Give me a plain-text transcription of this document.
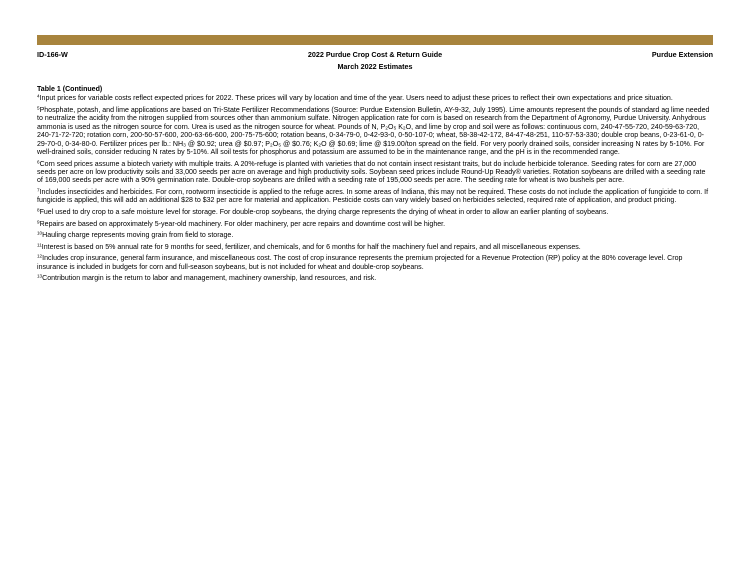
ID-166-W	2022 Purdue Crop Cost & Return Guide
March 2022 Estimates
Purdue Extension
Table 1 (Continued)

$^4$Input prices for variable costs reflect expected prices for 2022. These prices will vary by location and time of the year. Users need to adjust these prices to reflect their own expectations and price situation.

$^5$Phosphate, potash, and lime applications are based on Tri-State Fertilizer Recommendations (Source: Purdue Extension Bulletin, AY-9-32, July 1995). Lime amounts represent the pounds of standard ag lime needed to neutralize the acidity from the nitrogen supplied from sources other than ammonium sulfate. Nitrogen application rate for corn is based on research from the Department of Agronomy, Purdue University. Anhydrous ammonia is used as the nitrogen source for corn. Urea is used as the nitrogen source for wheat. Pounds of N, P₂O₅ K₂O, and lime by crop and soil were as follows: continuous corn, 240-47-55-720, 240-59-63-720, 240-71-72-720; rotation corn, 200-50-57-600, 200-63-66-600, 200-75-75-600; rotation beans, 0-34-79-0, 0-42-93-0, 0-50-107-0; wheat, 58-38-42-172, 84-47-48-251, 110-57-53-330; double crop beans, 0-23-61-0, 0-29-70-0, 0-34-80-0. Fertilizer prices per lb.: NH₃ @ $0.92; urea @ $0.97; P₂O₅ @ $0.76; K₂O @ $0.69; lime @ $19.00/ton spread on the field. For very poorly drained soils, consider increasing N rates by 5-10%. For well-drained soils, consider reducing N rates by 5-10%. All soil tests for phosphorus and potassium are assumed to be in the maintenance range, and the pH is in the recommended range.

$^6$Corn seed prices assume a biotech variety with multiple traits. A 20%-refuge is planted with varieties that do not contain insect resistant traits, but do include herbicide tolerance. Seeding rates for corn are 27,000 seeds per acre on low productivity soils and 33,000 seeds per acre on average and high productivity soils. Soybean seed prices include Round-Up Ready® varieties. Rotation soybeans are drilled with a seeding rate of 169,000 seeds per acre with a 90% germination rate. Double-crop soybeans are drilled with a seeding rate of 195,000 seeds per acre. The seeding rate for wheat is two bushels per acre.

$^7$Includes insecticides and herbicides. For corn, rootworm insecticide is applied to the refuge acres. In some areas of Indiana, this may not be required. These costs do not include the application of fungicide to corn. If fungicide is applied, this will add an additional $28 to $32 per acre for material and application. Pesticide costs can vary widely based on herbicides selected, required rate of application, and product pricing.

$^8$Fuel used to dry crop to a safe moisture level for storage. For double-crop soybeans, the drying charge represents the drying of wheat in order to allow an earlier planting of soybeans.

$^9$Repairs are based on approximately 5-year-old machinery. For older machinery, per acre repairs and downtime cost will be higher.

$^{10}$Hauling charge represents moving grain from field to storage.

$^{11}$Interest is based on 5% annual rate for 9 months for seed, fertilizer, and chemicals, and for 6 months for half the machinery fuel and repairs, and all miscellaneous expenses.

$^{12}$Includes crop insurance, general farm insurance, and miscellaneous cost. The cost of crop insurance represents the premium projected for a Revenue Protection (RP) policy at the 80% coverage level. Crop insurance is included in budgets for corn and full-season soybeans, but is not included for wheat and double-crop soybeans.

$^{13}$Contribution margin is the return to labor and management, machinery ownership, land resources, and risk.
